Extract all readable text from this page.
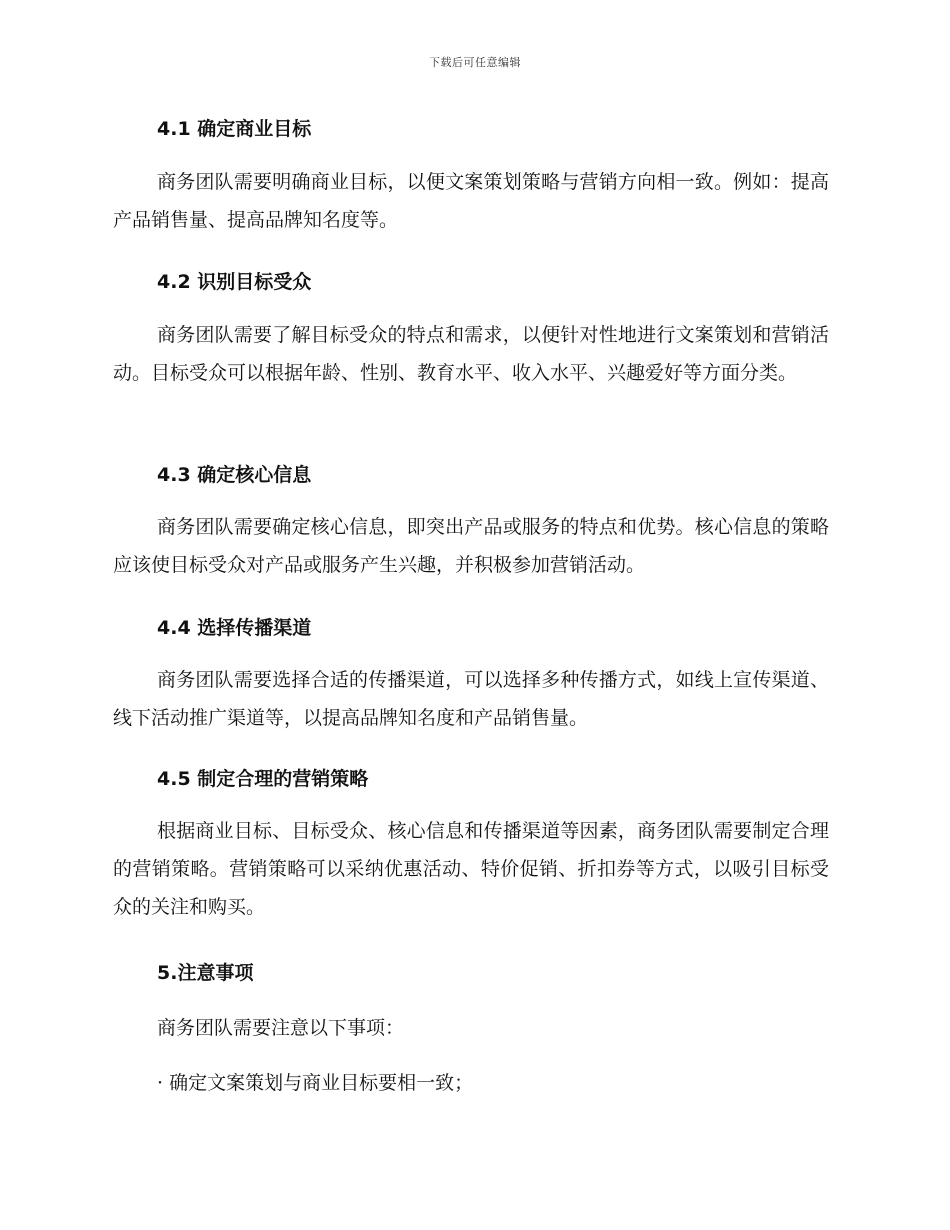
下载后可任意编辑
4.1 确定商业目标
商务团队需要明确商业目标，以便文案策划策略与营销方向相一致。例如：提高产品销售量、提高品牌知名度等。
4.2 识别目标受众
商务团队需要了解目标受众的特点和需求，以便针对性地进行文案策划和营销活动。目标受众可以根据年龄、性别、教育水平、收入水平、兴趣爱好等方面分类。
4.3 确定核心信息
商务团队需要确定核心信息，即突出产品或服务的特点和优势。核心信息的策略应该使目标受众对产品或服务产生兴趣，并积极参加营销活动。
4.4 选择传播渠道
商务团队需要选择合适的传播渠道，可以选择多种传播方式，如线上宣传渠道、线下活动推广渠道等，以提高品牌知名度和产品销售量。
4.5 制定合理的营销策略
根据商业目标、目标受众、核心信息和传播渠道等因素，商务团队需要制定合理的营销策略。营销策略可以采纳优惠活动、特价促销、折扣券等方式，以吸引目标受众的关注和购买。
5.注意事项
商务团队需要注意以下事项：
· 确定文案策划与商业目标要相一致；
